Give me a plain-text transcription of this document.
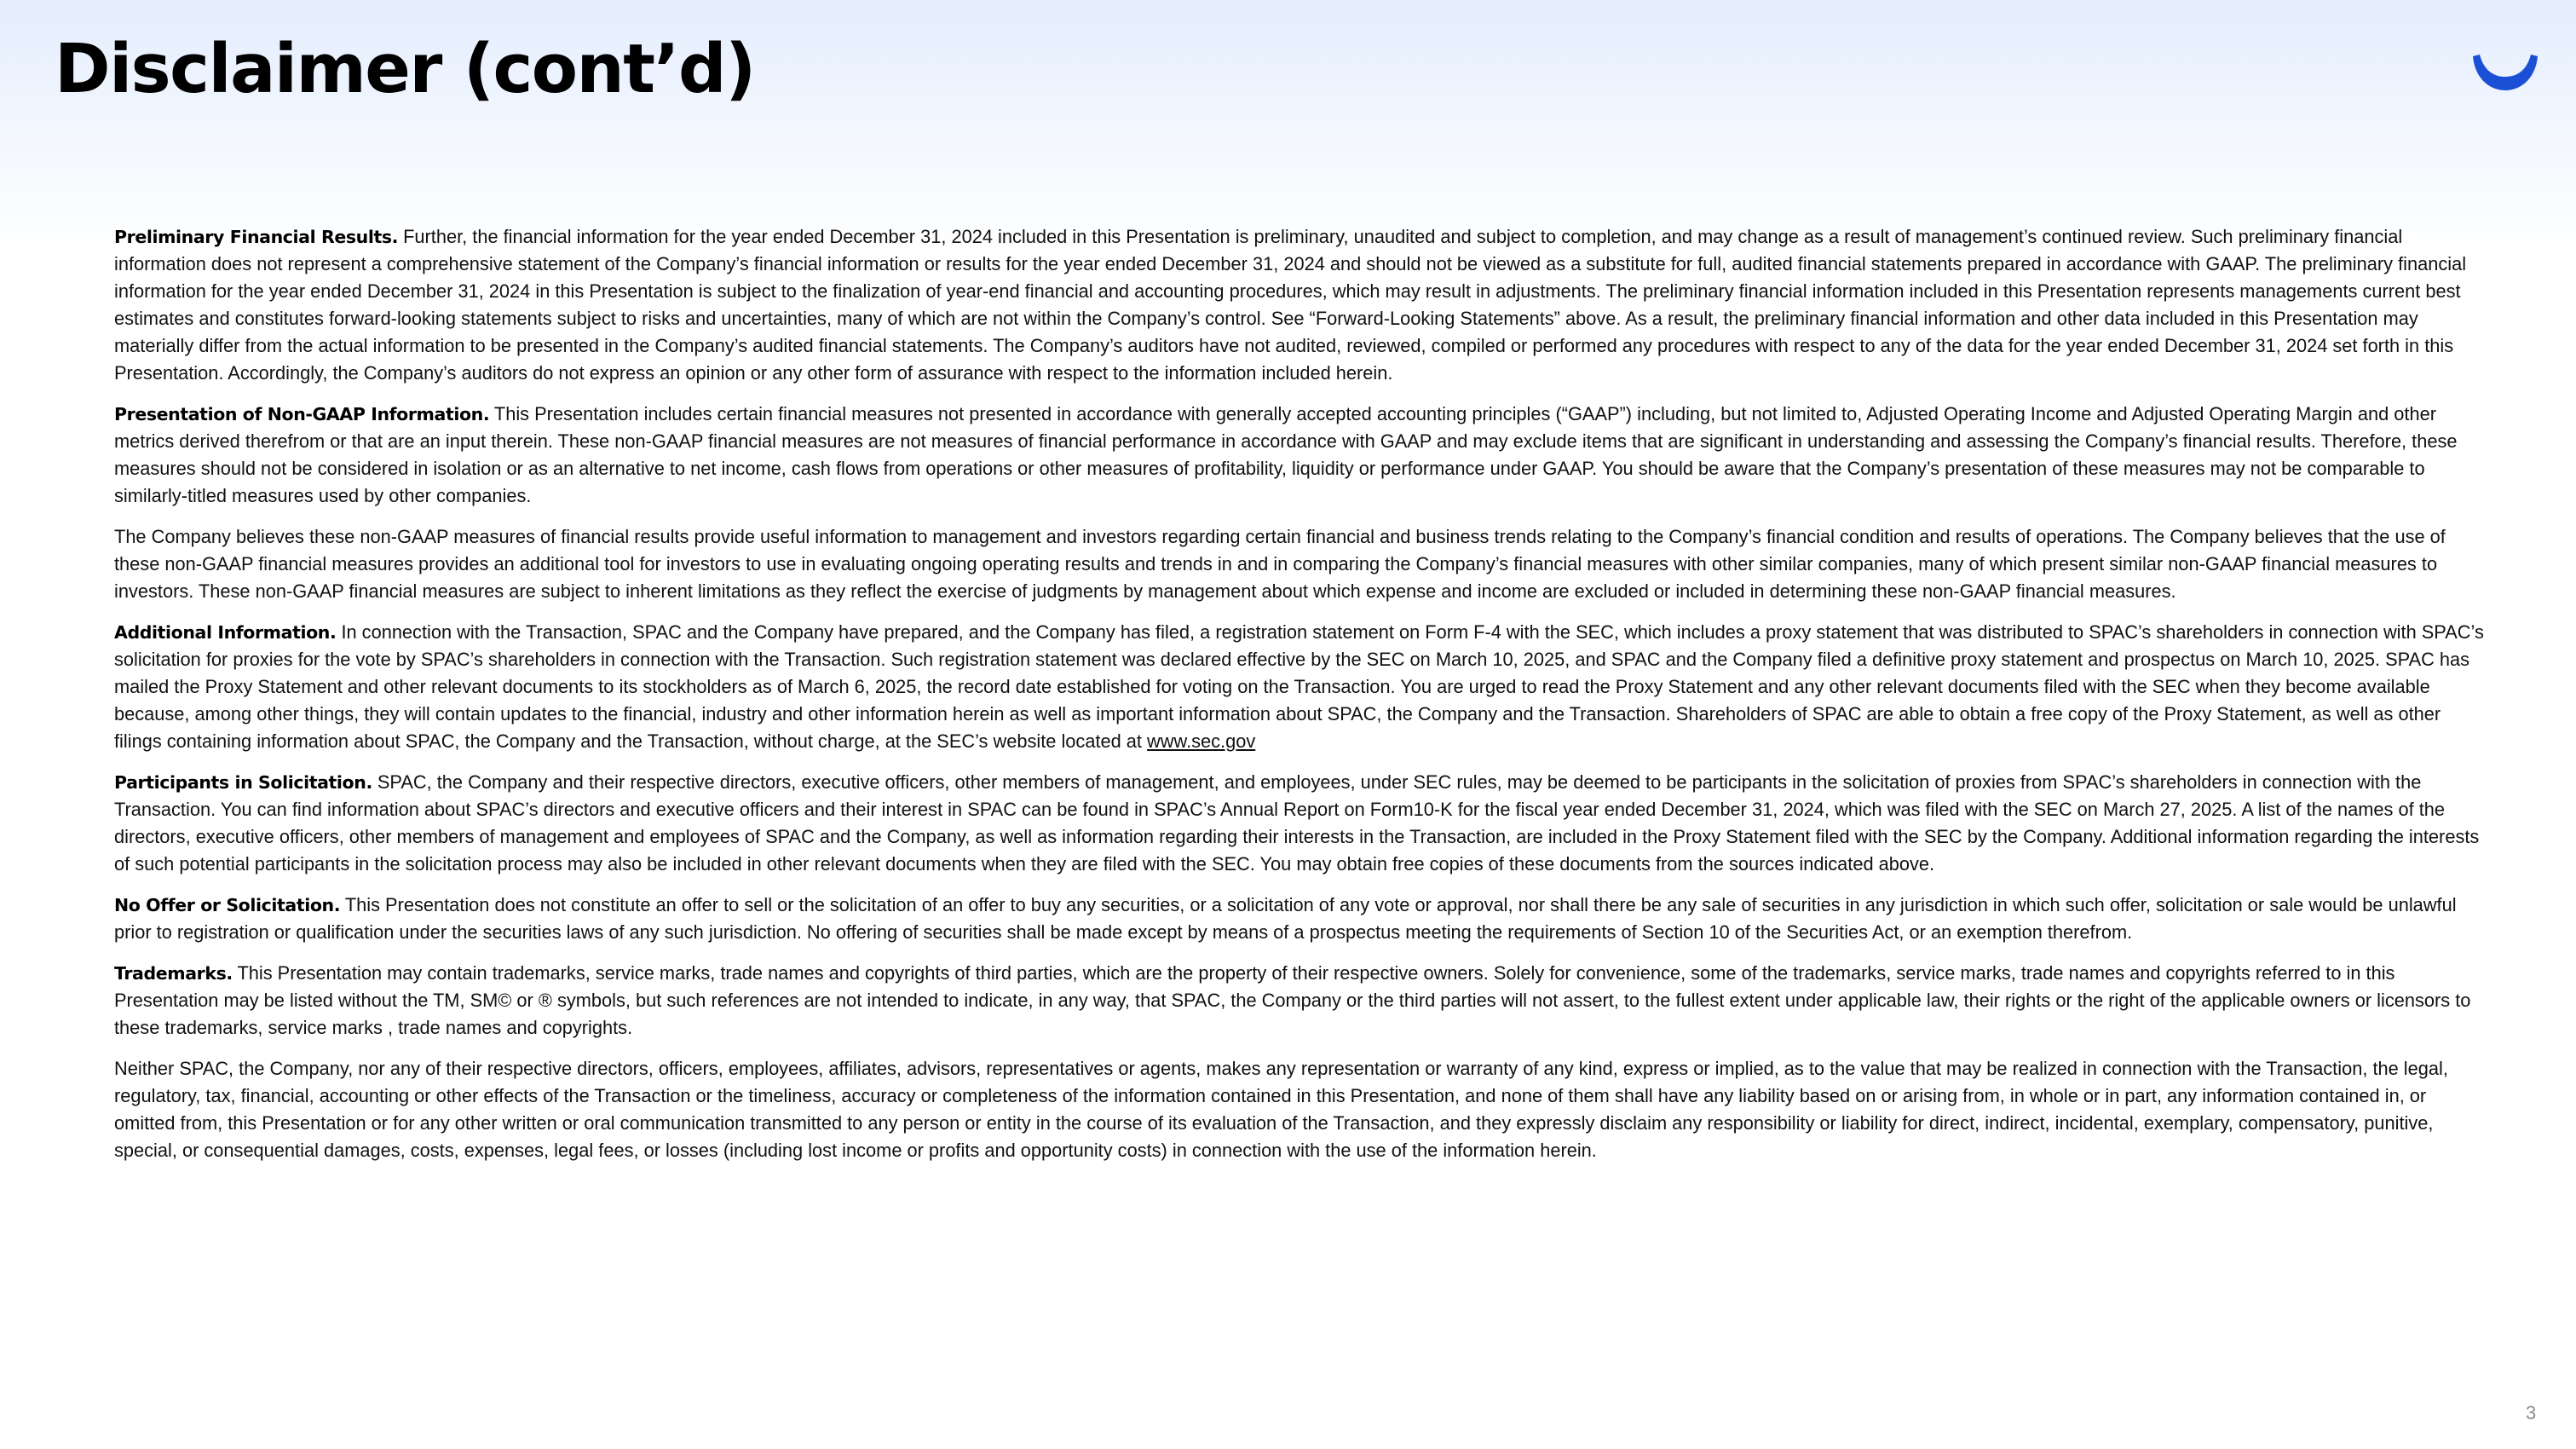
Disclaimer (cont’d)

Preliminary Financial Results. Further, the financial information for the year ended December 31, 2024 included in this Presentation is preliminary, unaudited and subject to completion, and may change as a result of management’s continued review. Such preliminary financial information does not represent a comprehensive statement of the Company’s financial information or results for the year ended December 31, 2024 and should not be viewed as a substitute for full, audited financial statements prepared in accordance with GAAP. The preliminary financial information for the year ended December 31, 2024 in this Presentation is subject to the finalization of year-end financial and accounting procedures, which may result in adjustments. The preliminary financial information included in this Presentation represents managements current best estimates and constitutes forward-looking statements subject to risks and uncertainties, many of which are not within the Company’s control. See “Forward-Looking Statements” above. As a result, the preliminary financial information and other data included in this Presentation may materially differ from the actual information to be presented in the Company’s audited financial statements. The Company’s auditors have not audited, reviewed, compiled or performed any procedures with respect to any of the data for the year ended December 31, 2024 set forth in this Presentation. Accordingly, the Company’s auditors do not express an opinion or any other form of assurance with respect to the information included herein.

Presentation of Non-GAAP Information. This Presentation includes certain financial measures not presented in accordance with generally accepted accounting principles (“GAAP”) including, but not limited to, Adjusted Operating Income and Adjusted Operating Margin and other metrics derived therefrom or that are an input therein. These non-GAAP financial measures are not measures of financial performance in accordance with GAAP and may exclude items that are significant in understanding and assessing the Company’s financial results. Therefore, these measures should not be considered in isolation or as an alternative to net income, cash flows from operations or other measures of profitability, liquidity or performance under GAAP. You should be aware that the Company’s presentation of these measures may not be comparable to similarly-titled measures used by other companies.

The Company believes these non-GAAP measures of financial results provide useful information to management and investors regarding certain financial and business trends relating to the Company’s financial condition and results of operations. The Company believes that the use of these non-GAAP financial measures provides an additional tool for investors to use in evaluating ongoing operating results and trends in and in comparing the Company’s financial measures with other similar companies, many of which present similar non-GAAP financial measures to investors. These non-GAAP financial measures are subject to inherent limitations as they reflect the exercise of judgments by management about which expense and income are excluded or included in determining these non-GAAP financial measures.

Additional Information. In connection with the Transaction, SPAC and the Company have prepared, and the Company has filed, a registration statement on Form F-4 with the SEC, which includes a proxy statement that was distributed to SPAC’s shareholders in connection with SPAC’s solicitation for proxies for the vote by SPAC’s shareholders in connection with the Transaction. Such registration statement was declared effective by the SEC on March 10, 2025, and SPAC and the Company filed a definitive proxy statement and prospectus on March 10, 2025. SPAC has mailed the Proxy Statement and other relevant documents to its stockholders as of March 6, 2025, the record date established for voting on the Transaction. You are urged to read the Proxy Statement and any other relevant documents filed with the SEC when they become available because, among other things, they will contain updates to the financial, industry and other information herein as well as important information about SPAC, the Company and the Transaction. Shareholders of SPAC are able to obtain a free copy of the Proxy Statement, as well as other filings containing information about SPAC, the Company and the Transaction, without charge, at the SEC’s website located at www.sec.gov

Participants in Solicitation. SPAC, the Company and their respective directors, executive officers, other members of management, and employees, under SEC rules, may be deemed to be participants in the solicitation of proxies from SPAC’s shareholders in connection with the Transaction. You can find information about SPAC’s directors and executive officers and their interest in SPAC can be found in SPAC’s Annual Report on Form10-K for the fiscal year ended December 31, 2024, which was filed with the SEC on March 27, 2025. A list of the names of the directors, executive officers, other members of management and employees of SPAC and the Company, as well as information regarding their interests in the Transaction, are included in the Proxy Statement filed with the SEC by the Company. Additional information regarding the interests of such potential participants in the solicitation process may also be included in other relevant documents when they are filed with the SEC. You may obtain free copies of these documents from the sources indicated above.

No Offer or Solicitation. This Presentation does not constitute an offer to sell or the solicitation of an offer to buy any securities, or a solicitation of any vote or approval, nor shall there be any sale of securities in any jurisdiction in which such offer, solicitation or sale would be unlawful prior to registration or qualification under the securities laws of any such jurisdiction. No offering of securities shall be made except by means of a prospectus meeting the requirements of Section 10 of the Securities Act, or an exemption therefrom.

Trademarks. This Presentation may contain trademarks, service marks, trade names and copyrights of third parties, which are the property of their respective owners. Solely for convenience, some of the trademarks, service marks, trade names and copyrights referred to in this Presentation may be listed without the TM, SM© or ® symbols, but such references are not intended to indicate, in any way, that SPAC, the Company or the third parties will not assert, to the fullest extent under applicable law, their rights or the right of the applicable owners or licensors to these trademarks, service marks , trade names and copyrights.

Neither SPAC, the Company, nor any of their respective directors, officers, employees, affiliates, advisors, representatives or agents, makes any representation or warranty of any kind, express or implied, as to the value that may be realized in connection with the Transaction, the legal, regulatory, tax, financial, accounting or other effects of the Transaction or the timeliness, accuracy or completeness of the information contained in this Presentation, and none of them shall have any liability based on or arising from, in whole or in part, any information contained in, or omitted from, this Presentation or for any other written or oral communication transmitted to any person or entity in the course of its evaluation of the Transaction, and they expressly disclaim any responsibility or liability for direct, indirect, incidental, exemplary, compensatory, punitive, special, or consequential damages, costs, expenses, legal fees, or losses (including lost income or profits and opportunity costs) in connection with the use of the information herein.

3
